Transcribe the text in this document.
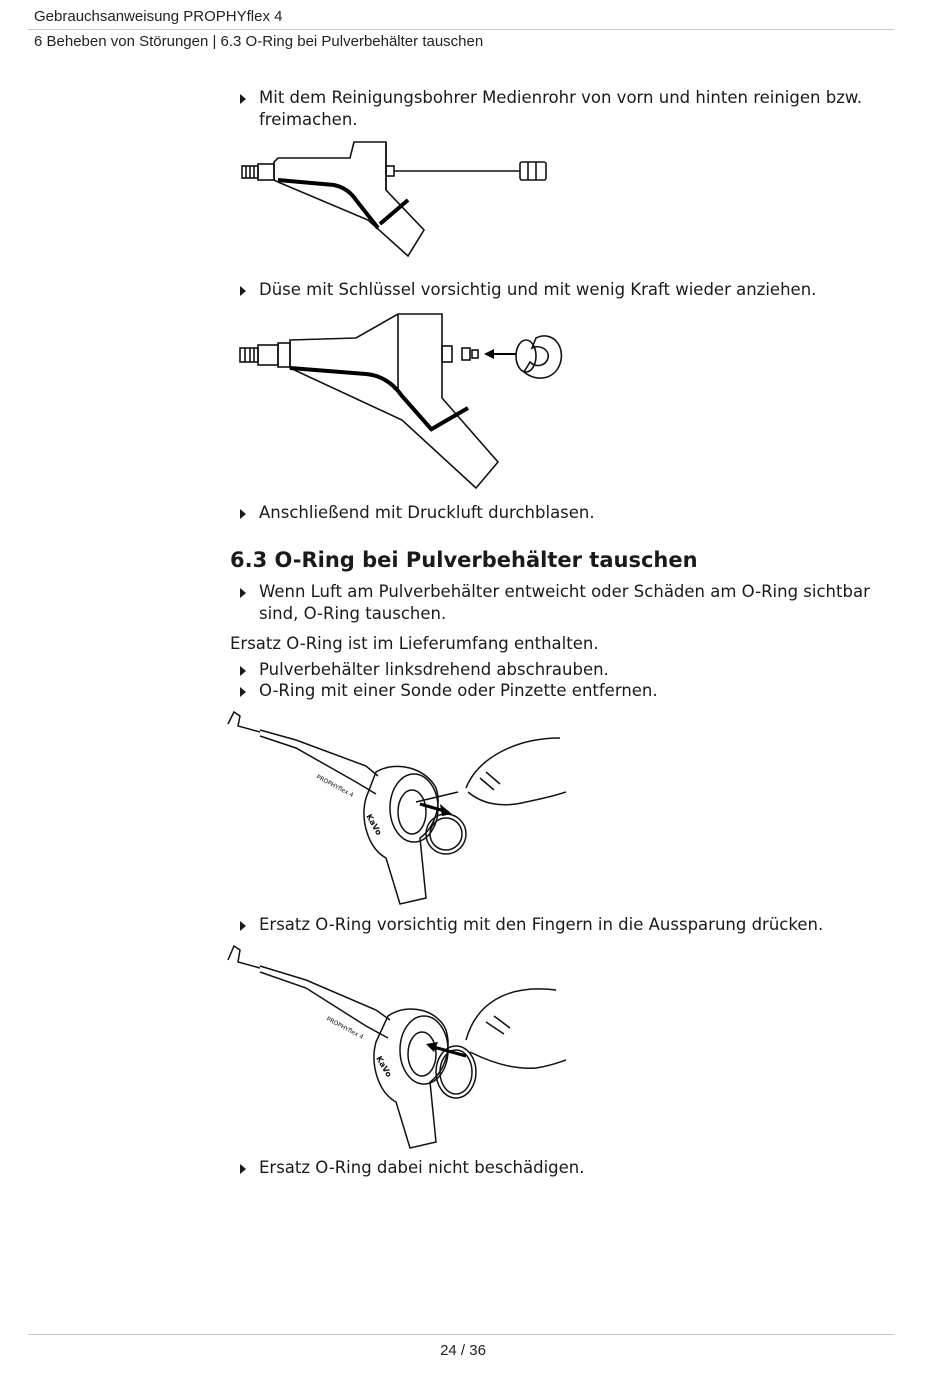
Gebrauchsanweisung PROPHYflex 4
6 Beheben von Störungen | 6.3 O-Ring bei Pulverbehälter tauschen
Mit dem Reinigungsbohrer Medienrohr von vorn und hinten reinigen bzw. freimachen.
Düse mit Schlüssel vorsichtig und mit wenig Kraft wieder anziehen.
Anschließend mit Druckluft durchblasen.
6.3 O-Ring bei Pulverbehälter tauschen
Wenn Luft am Pulverbehälter entweicht oder Schäden am O-Ring sichtbar sind, O-Ring tauschen.
Ersatz O-Ring ist im Lieferumfang enthalten.
Pulverbehälter linksdrehend abschrauben.
O-Ring mit einer Sonde oder Pinzette entfernen.
PROPHYflex 4
KaVo
Ersatz O-Ring vorsichtig mit den Fingern in die Aussparung drücken.
PROPHYflex 4
KaVo
Ersatz O-Ring dabei nicht beschädigen.
24 / 36
